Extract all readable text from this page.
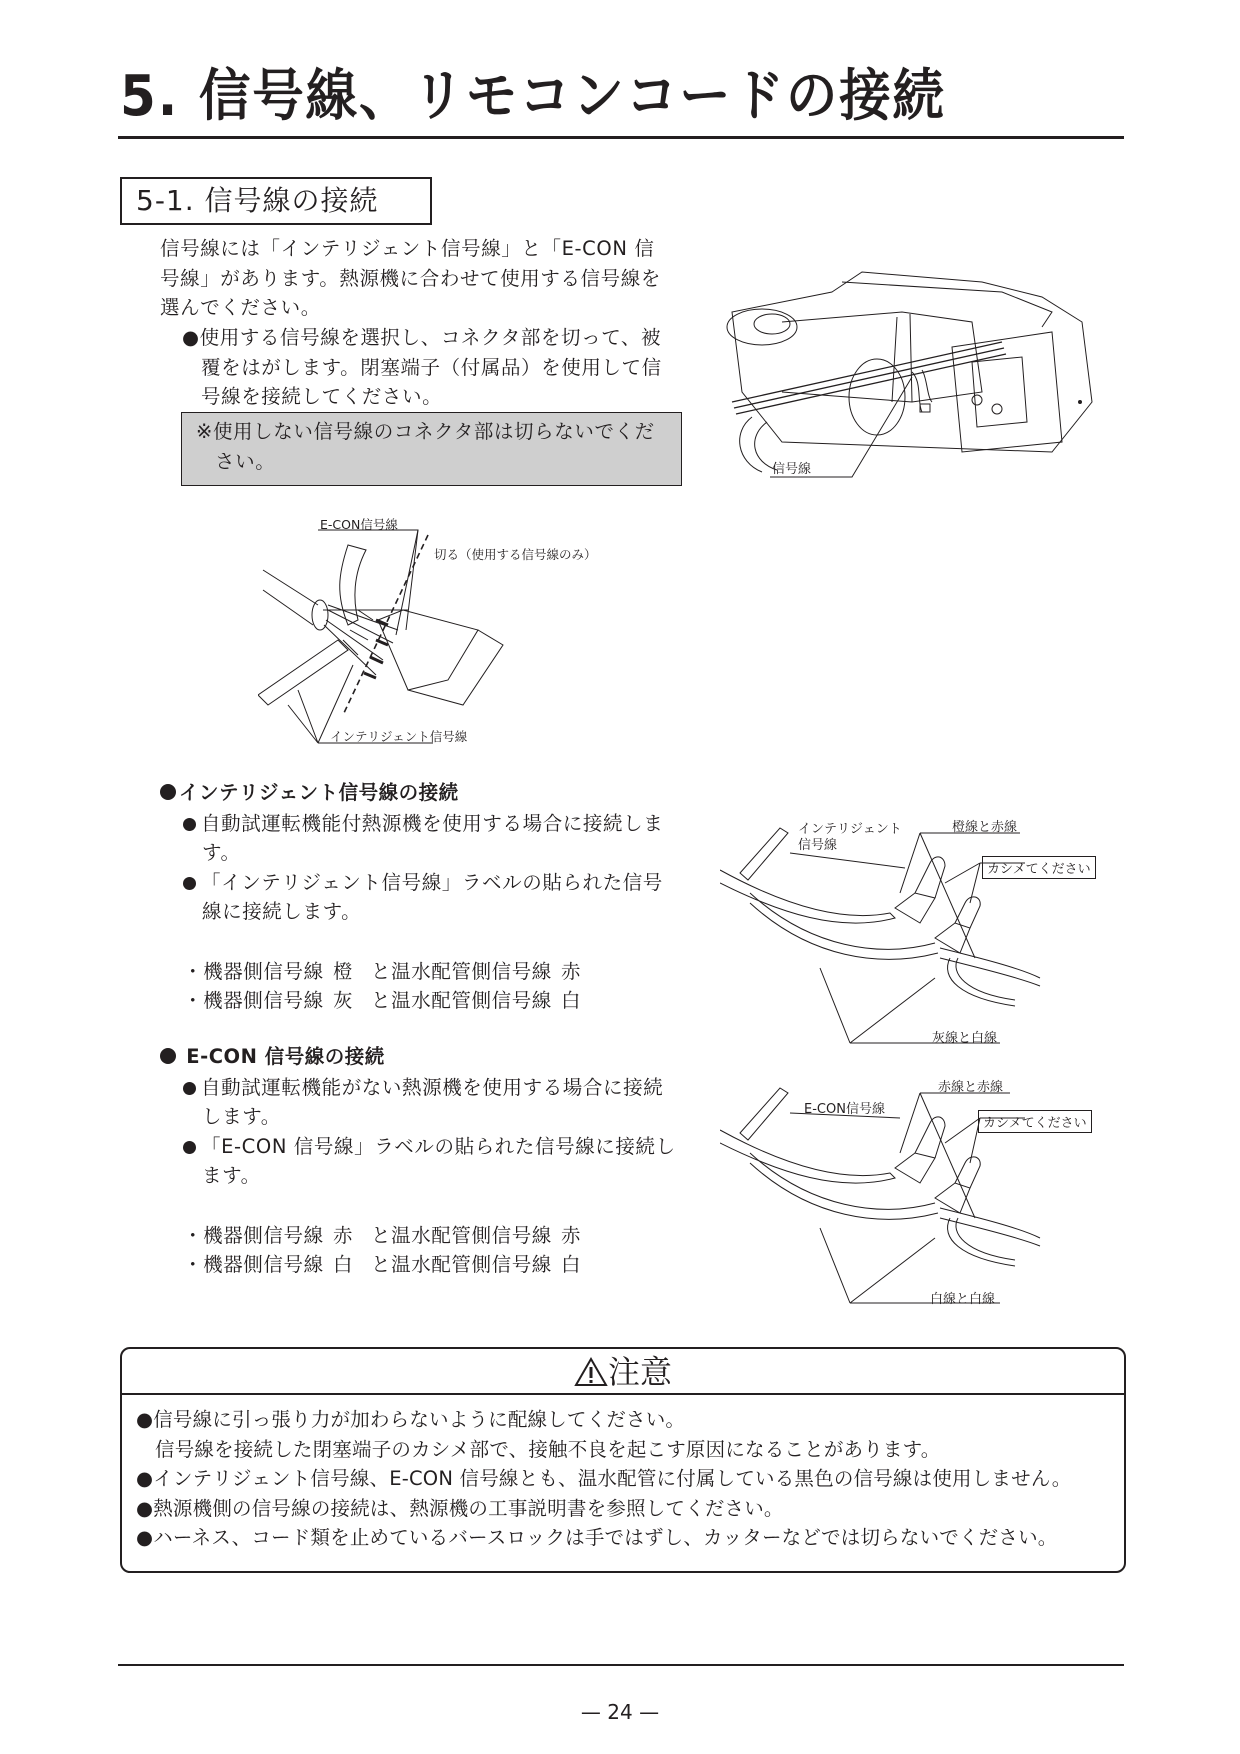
5. 信号線、リモコンコードの接続
5-1. 信号線の接続
信号線には「インテリジェント信号線」と「E-CON 信
号線」があります。熱源機に合わせて使用する信号線を
選んでください。
●使用する信号線を選択し、コネクタ部を切って、被
覆をはがします。閉塞端子（付属品）を使用して信
号線を接続してください。
※使用しない信号線のコネクタ部は切らないでくだ
さい。	信号線
E-CON信号線
切る（使用する信号線のみ）
インテリジェント信号線
インテリジェント信号線の接続
自動試運転機能付熱源機を使用する場合に接続します。
「インテリジェント信号線」ラベルの貼られた信号線に接続します。
・機器側信号線 橙 と温水配管側信号線 赤
・機器側信号線 灰 と温水配管側信号線 白
インテリジェント
信号線
橙線と赤線
カシメてください
灰線と白線
E-CON 信号線の接続
自動試運転機能がない熱源機を使用する場合に接続します。
「E-CON 信号線」ラベルの貼られた信号線に接続します。
・機器側信号線 赤 と温水配管側信号線 赤
・機器側信号線 白 と温水配管側信号線 白
E-CON信号線
赤線と赤線
カシメてください
白線と白線
注意
●信号線に引っ張り力が加わらないように配線してください。
信号線を接続した閉塞端子のカシメ部で、接触不良を起こす原因になることがあります。
●インテリジェント信号線、E-CON 信号線とも、温水配管に付属している黒色の信号線は使用しません。
●熱源機側の信号線の接続は、熱源機の工事説明書を参照してください。
●ハーネス、コード類を止めているバースロックは手ではずし、カッターなどでは切らないでください。
— 24 —
